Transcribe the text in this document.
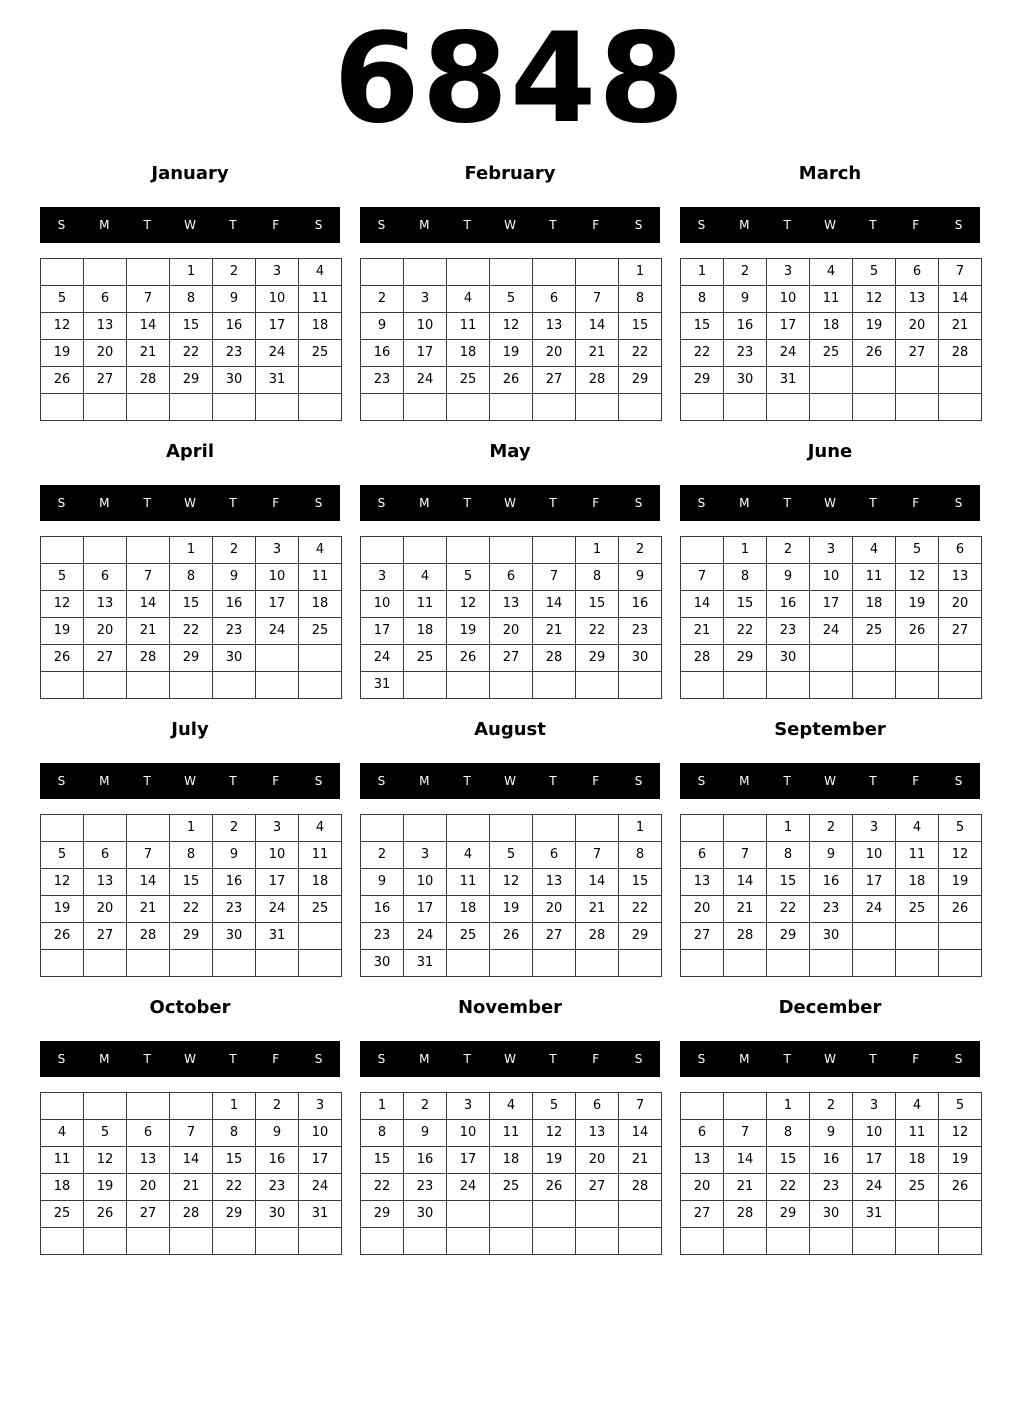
6848
January
S	M	T	W	T	F	S
			1	2	3	4
5	6	7	8	9	10	11
12	13	14	15	16	17	18
19	20	21	22	23	24	25
26	27	28	29	30	31	

February
S	M	T	W	T	F	S
						1
2	3	4	5	6	7	8
9	10	11	12	13	14	15
16	17	18	19	20	21	22
23	24	25	26	27	28	29

March
S	M	T	W	T	F	S
1	2	3	4	5	6	7
8	9	10	11	12	13	14
15	16	17	18	19	20	21
22	23	24	25	26	27	28
29	30	31				

April
S	M	T	W	T	F	S
			1	2	3	4
5	6	7	8	9	10	11
12	13	14	15	16	17	18
19	20	21	22	23	24	25
26	27	28	29	30		

May
S	M	T	W	T	F	S
					1	2
3	4	5	6	7	8	9
10	11	12	13	14	15	16
17	18	19	20	21	22	23
24	25	26	27	28	29	30
31						
June
S	M	T	W	T	F	S
	1	2	3	4	5	6
7	8	9	10	11	12	13
14	15	16	17	18	19	20
21	22	23	24	25	26	27
28	29	30				

July
S	M	T	W	T	F	S
			1	2	3	4
5	6	7	8	9	10	11
12	13	14	15	16	17	18
19	20	21	22	23	24	25
26	27	28	29	30	31	

August
S	M	T	W	T	F	S
						1
2	3	4	5	6	7	8
9	10	11	12	13	14	15
16	17	18	19	20	21	22
23	24	25	26	27	28	29
30	31					
September
S	M	T	W	T	F	S
		1	2	3	4	5
6	7	8	9	10	11	12
13	14	15	16	17	18	19
20	21	22	23	24	25	26
27	28	29	30			

October
S	M	T	W	T	F	S
				1	2	3
4	5	6	7	8	9	10
11	12	13	14	15	16	17
18	19	20	21	22	23	24
25	26	27	28	29	30	31

November
S	M	T	W	T	F	S
1	2	3	4	5	6	7
8	9	10	11	12	13	14
15	16	17	18	19	20	21
22	23	24	25	26	27	28
29	30					

December
S	M	T	W	T	F	S
		1	2	3	4	5
6	7	8	9	10	11	12
13	14	15	16	17	18	19
20	21	22	23	24	25	26
27	28	29	30	31		
